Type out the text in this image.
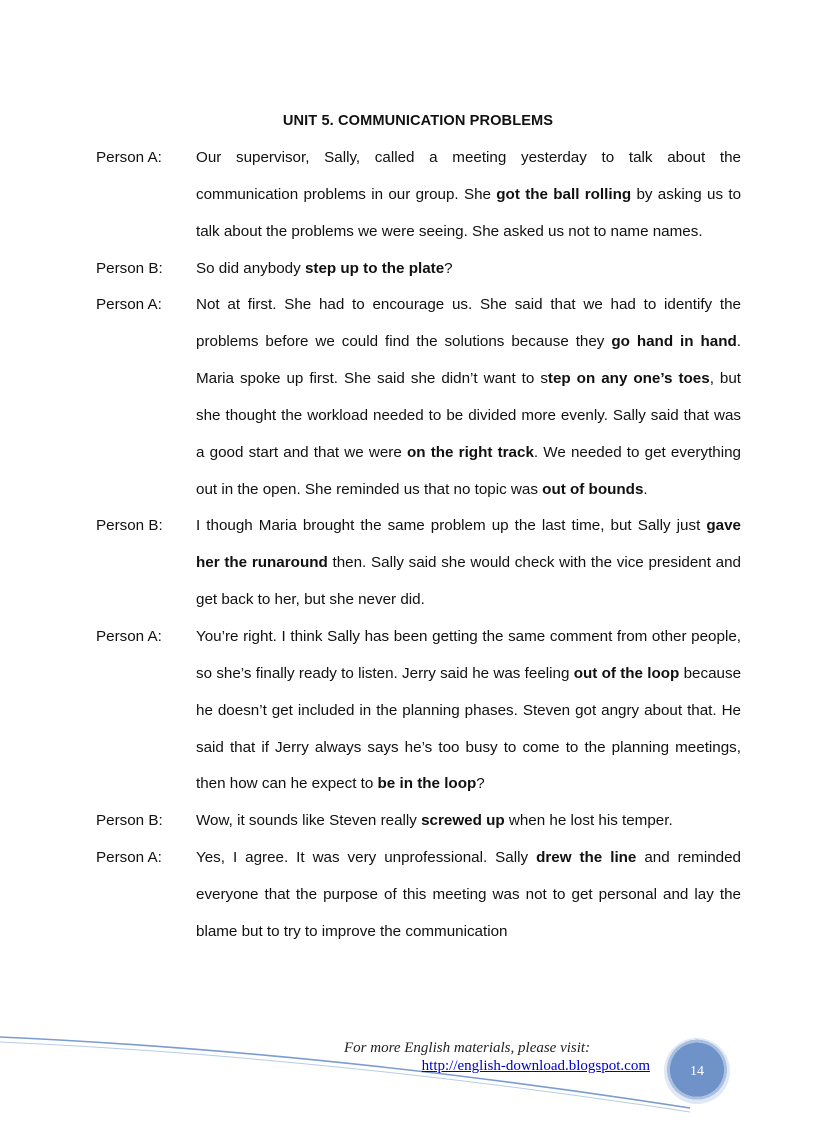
UNIT 5. COMMUNICATION PROBLEMS
Person A:	Our supervisor, Sally, called a meeting yesterday to talk about the communication problems in our group. She got the ball rolling by asking us to talk about the problems we were seeing. She asked us not to name names.
Person B:	So did anybody step up to the plate?
Person A:	Not at first. She had to encourage us. She said that we had to identify the problems before we could find the solutions because they go hand in hand. Maria spoke up first. She said she didn’t want to step on any one’s toes, but she thought the workload needed to be divided more evenly. Sally said that was a good start and that we were on the right track. We needed to get everything out in the open. She reminded us that no topic was out of bounds.
Person B:	I though Maria brought the same problem up the last time, but Sally just gave her the runaround then. Sally said she would check with the vice president and get back to her, but she never did.
Person A:	You’re right. I think Sally has been getting the same comment from other people, so she’s finally ready to listen. Jerry said he was feeling out of the loop because he doesn’t get included in the planning phases. Steven got angry about that. He said that if Jerry always says he’s too busy to come to the planning meetings, then how can he expect to be in the loop?
Person B:	Wow, it sounds like Steven really screwed up when he lost his temper.
Person A:	Yes, I agree. It was very unprofessional. Sally drew the line and reminded everyone that the purpose of this meeting was not to get personal and lay the blame but to try to improve the communication
For more English materials, please visit:
http://english-download.blogspot.com	14
